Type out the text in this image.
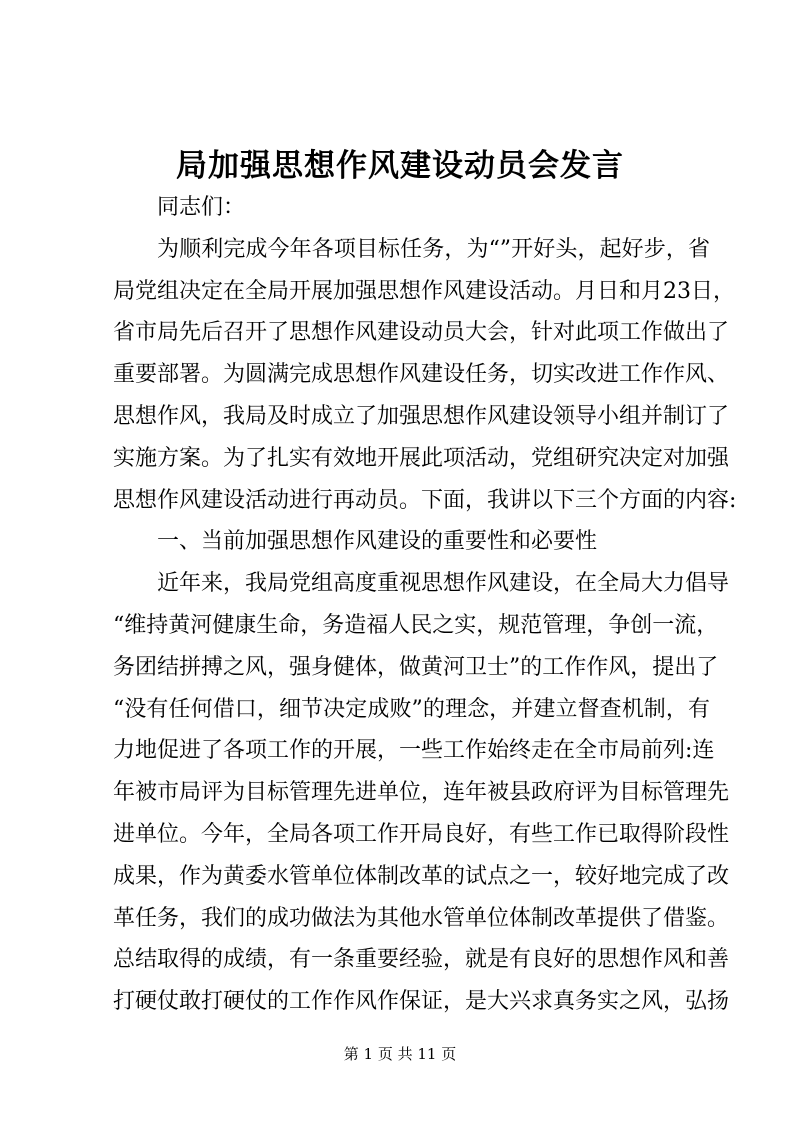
局加强思想作风建设动员会发言
同志们：
为顺利完成今年各项目标任务，为“”开好头，起好步，省
局党组决定在全局开展加强思想作风建设活动。月日和月23日，
省市局先后召开了思想作风建设动员大会，针对此项工作做出了
重要部署。为圆满完成思想作风建设任务，切实改进工作作风、
思想作风，我局及时成立了加强思想作风建设领导小组并制订了
实施方案。为了扎实有效地开展此项活动，党组研究决定对加强
思想作风建设活动进行再动员。下面，我讲以下三个方面的内容:
一、当前加强思想作风建设的重要性和必要性
近年来，我局党组高度重视思想作风建设，在全局大力倡导
“维持黄河健康生命，务造福人民之实，规范管理，争创一流，
务团结拼搏之风，强身健体，做黄河卫士”的工作作风，提出了
“没有任何借口，细节决定成败”的理念，并建立督查机制，有
力地促进了各项工作的开展，一些工作始终走在全市局前列:连
年被市局评为目标管理先进单位，连年被县政府评为目标管理先
进单位。今年，全局各项工作开局良好，有些工作已取得阶段性
成果，作为黄委水管单位体制改革的试点之一，较好地完成了改
革任务，我们的成功做法为其他水管单位体制改革提供了借鉴。
总结取得的成绩，有一条重要经验，就是有良好的思想作风和善
打硬仗敢打硬仗的工作作风作保证，是大兴求真务实之风，弘扬
第 1 页 共 11 页
